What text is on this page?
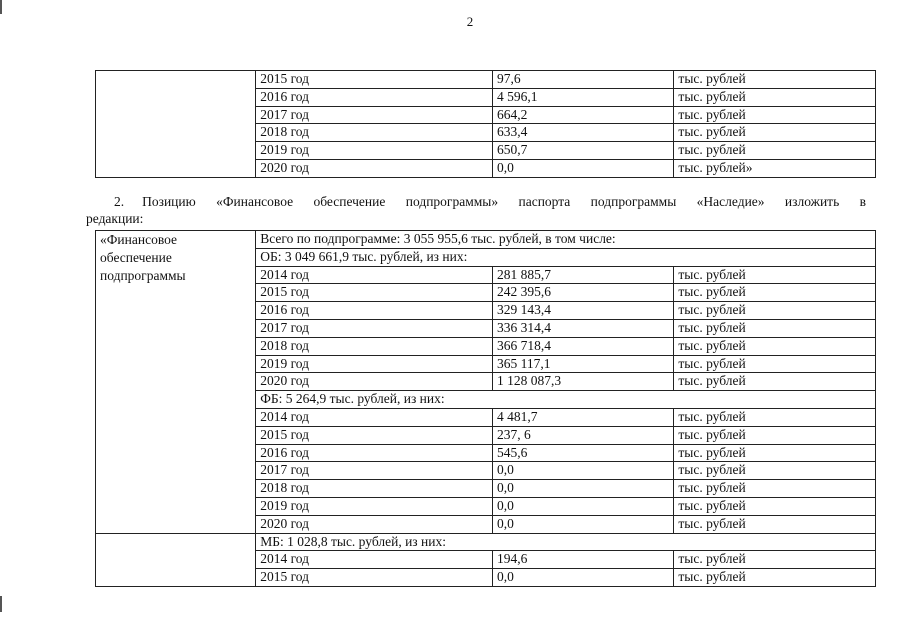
2
	2015 год	97,6	тыс. рублей
	2016 год	4 596,1	тыс. рублей
	2017 год	664,2	тыс. рублей
	2018 год	633,4	тыс. рублей
	2019 год	650,7	тыс. рублей
	2020 год	0,0	тыс. рублей»
2. Позицию «Финансовое обеспечение подпрограммы» паспорта подпрограммы «Наследие» изложить в
редакции:
«Финансовое
обеспечение
подпрограммы	Всего по подпрограмме: 3 055 955,6 тыс. рублей, в том числе:		
	ОБ: 3 049 661,9 тыс. рублей, из них:		
	2014 год	281 885,7	тыс. рублей
	2015 год	242 395,6	тыс. рублей
	2016 год	329 143,4	тыс. рублей
	2017 год	336 314,4	тыс. рублей
	2018 год	366 718,4	тыс. рублей
	2019 год	365 117,1	тыс. рублей
	2020 год	1 128 087,3	тыс. рублей
	ФБ: 5 264,9 тыс. рублей, из них:		
	2014 год	4 481,7	тыс. рублей
	2015 год	237, 6	тыс. рублей
	2016 год	545,6	тыс. рублей
	2017 год	0,0	тыс. рублей
	2018 год	0,0	тыс. рублей
	2019 год	0,0	тыс. рублей
	2020 год	0,0	тыс. рублей
	МБ: 1 028,8 тыс. рублей, из них:		
	2014 год	194,6	тыс. рублей
	2015 год	0,0	тыс. рублей
